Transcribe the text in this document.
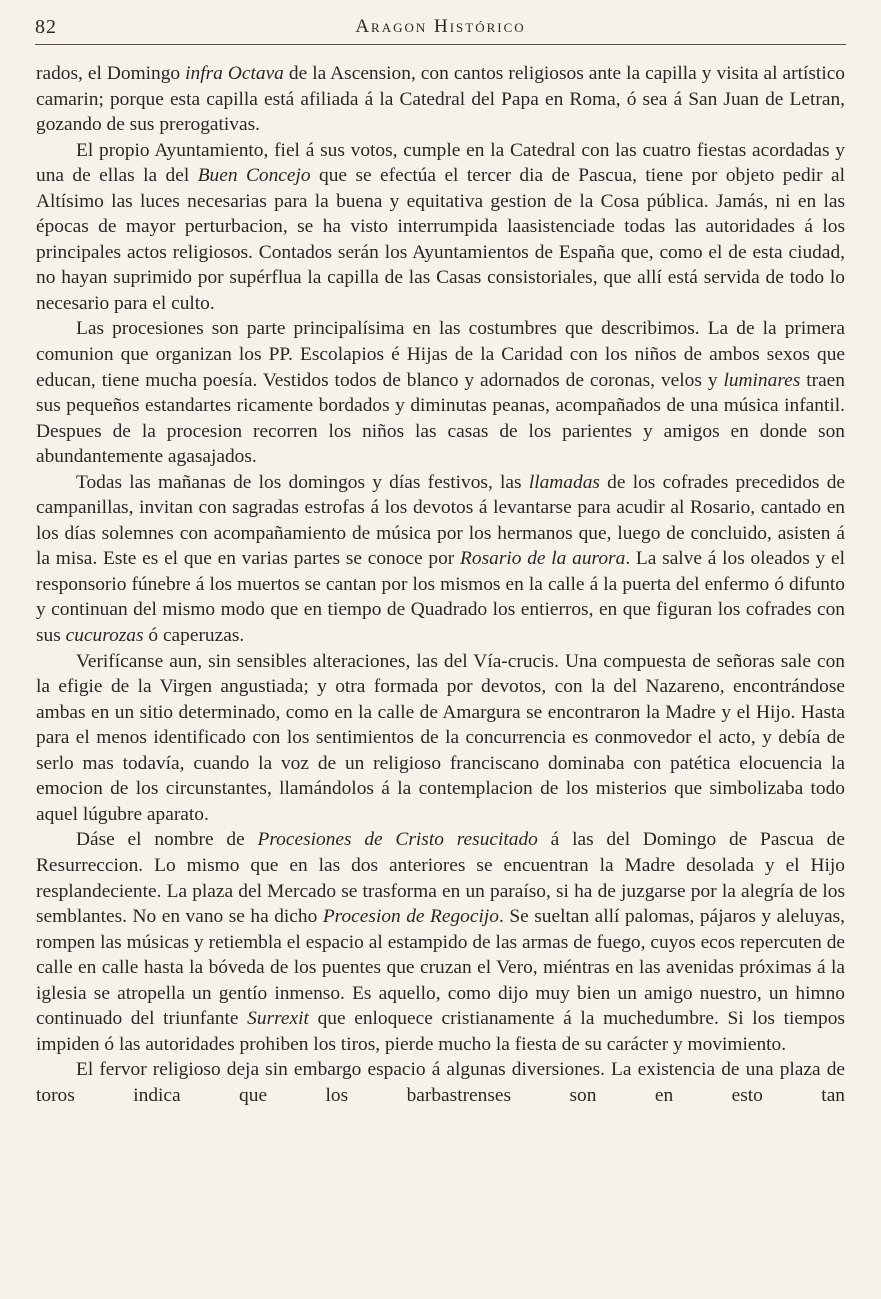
82	Aragon Histórico

rados, el Domingo infra Octava de la Ascension, con cantos religiosos ante la capilla y visita al artístico camarin; porque esta capilla está afiliada á la Catedral del Papa en Roma, ó sea á San Juan de Letran, gozando de sus prerogativas.

El propio Ayuntamiento, fiel á sus votos, cumple en la Catedral con las cuatro fiestas acordadas y una de ellas la del Buen Concejo que se efectúa el tercer dia de Pascua, tiene por objeto pedir al Altísimo las luces necesarias para la buena y equitativa gestion de la Cosa pública. Jamás, ni en las épocas de mayor perturbacion, se ha visto interrumpida laasistenciade todas las autoridades á los principales actos religiosos. Contados serán los Ayuntamientos de España que, como el de esta ciudad, no hayan suprimido por supérflua la capilla de las Casas consistoriales, que allí está servida de todo lo necesario para el culto.

Las procesiones son parte principalísima en las costumbres que describimos. La de la primera comunion que organizan los PP. Escolapios é Hijas de la Caridad con los niños de ambos sexos que educan, tiene mucha poesía. Vestidos todos de blanco y adornados de coronas, velos y luminares traen sus pequeños estandartes ricamente bordados y diminutas peanas, acompañados de una música infantil. Despues de la procesion recorren los niños las casas de los parientes y amigos en donde son abundantemente agasajados.

Todas las mañanas de los domingos y días festivos, las llamadas de los cofrades precedidos de campanillas, invitan con sagradas estrofas á los devotos á levantarse para acudir al Rosario, cantado en los días solemnes con acompañamiento de música por los hermanos que, luego de concluido, asisten á la misa. Este es el que en varias partes se conoce por Rosario de la aurora. La salve á los oleados y el responsorio fúnebre á los muertos se cantan por los mismos en la calle á la puerta del enfermo ó difunto y continuan del mismo modo que en tiempo de Quadrado los entierros, en que figuran los cofrades con sus cucurozas ó caperuzas.

Verifícanse aun, sin sensibles alteraciones, las del Vía-crucis. Una compuesta de señoras sale con la efigie de la Virgen angustiada; y otra formada por devotos, con la del Nazareno, encontrándose ambas en un sitio determinado, como en la calle de Amargura se encontraron la Madre y el Hijo. Hasta para el menos identificado con los sentimientos de la concurrencia es conmovedor el acto, y debía de serlo mas todavía, cuando la voz de un religioso franciscano dominaba con patética elocuencia la emocion de los circunstantes, llamándolos á la contemplacion de los misterios que simbolizaba todo aquel lúgubre aparato.

Dáse el nombre de Procesiones de Cristo resucitado á las del Domingo de Pascua de Resurreccion. Lo mismo que en las dos anteriores se encuentran la Madre desolada y el Hijo resplandeciente. La plaza del Mercado se trasforma en un paraíso, si ha de juzgarse por la alegría de los semblantes. No en vano se ha dicho Procesion de Regocijo. Se sueltan allí palomas, pájaros y aleluyas, rompen las músicas y retiembla el espacio al estampido de las armas de fuego, cuyos ecos repercuten de calle en calle hasta la bóveda de los puentes que cruzan el Vero, miéntras en las avenidas próximas á la iglesia se atropella un gentío inmenso. Es aquello, como dijo muy bien un amigo nuestro, un himno continuado del triunfante Surrexit que enloquece cristianamente á la muchedumbre. Si los tiempos impiden ó las autoridades prohiben los tiros, pierde mucho la fiesta de su carácter y movimiento.

El fervor religioso deja sin embargo espacio á algunas diversiones. La existencia de una plaza de toros indica que los barbastrenses son en esto tan
